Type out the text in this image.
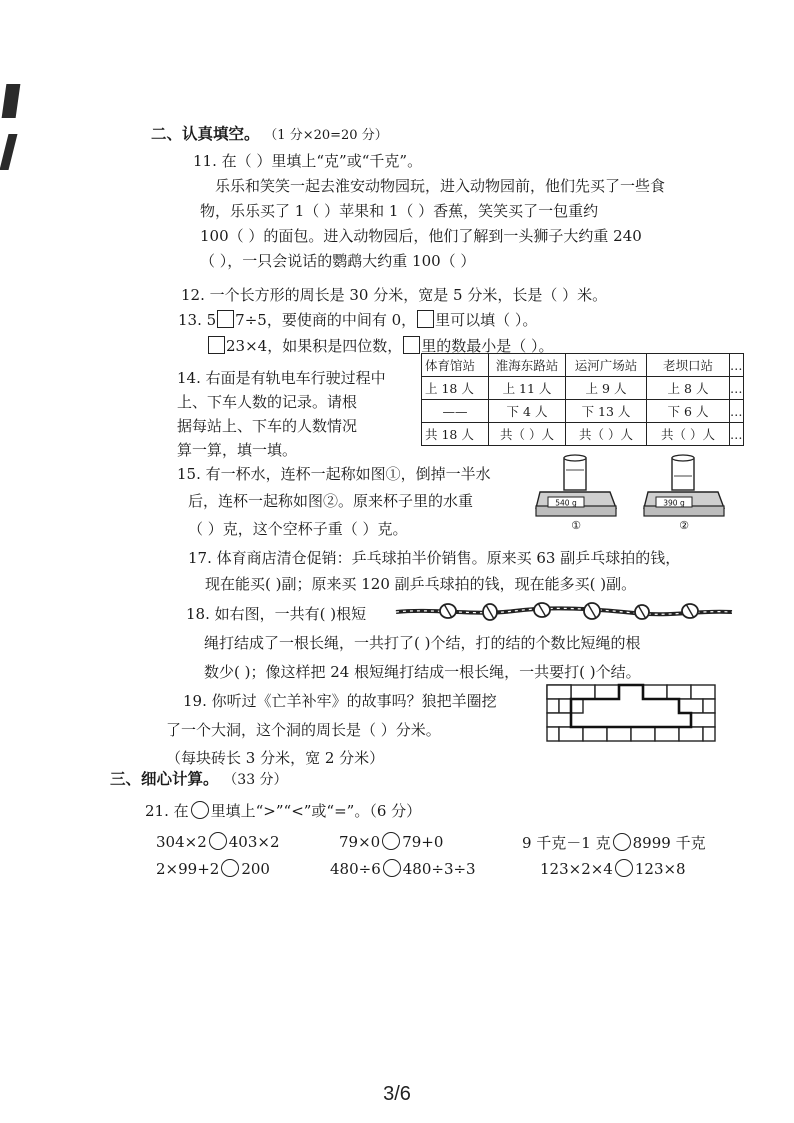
二、认真填空。 （1 分×20=20 分）
11. 在（ ）里填上“克”或“千克”。
乐乐和笑笑一起去淮安动物园玩，进入动物园前，他们先买了一些食
物，乐乐买了 1（ ）苹果和 1（ ）香蕉，笑笑买了一包重约
100（ ）的面包。进入动物园后，他们了解到一头狮子大约重 240
（ ），一只会说话的鹦鹉大约重 100（ ）
12. 一个长方形的周长是 30 分米，宽是 5 分米，长是（ ）米。
13. 5 7÷5，要使商的中间有 0， 里可以填（ ）。
23×4，如果积是四位数， 里的数最小是（ ）。
14. 右面是有轨电车行驶过程中
上、下车人数的记录。请根
据每站上、下车的人数情况
算一算，填一填。
体育馆站	淮海东路站	运河广场站	老坝口站	…
上 18 人	上 11 人	上 9 人	上 8 人	…
——	下 4 人	下 13 人	下 6 人	…
共 18 人	共（ ）人	共（ ）人	共（ ）人	…
15. 有一杯水，连杯一起称如图①，倒掉一半水
后，连杯一起称如图②。原来杯子里的水重
（ ）克，这个空杯子重（ ）克。
540 g
①
390 g
②
17. 体育商店清仓促销：乒乓球拍半价销售。原来买 63 副乒乓球拍的钱，
现在能买( )副；原来买 120 副乒乓球拍的钱，现在能多买( )副。
18. 如右图，一共有( )根短
绳打结成了一根长绳，一共打了( )个结，打的结的个数比短绳的根
数少( )；像这样把 24 根短绳打结成一根长绳，一共要打( )个结。
19. 你听过《亡羊补牢》的故事吗？狼把羊圈挖
了一个大洞，这个洞的周长是（ ）分米。
（每块砖长 3 分米，宽 2 分米）
三、细心计算。 （33 分）
21. 在 里填上“>”“<”或“=”。（6 分）
304×2 403×2	79×0 79+0	9 千克－1 克 8999 千克
2×99+2 200	480÷6 480÷3÷3	123×2×4 123×8
3/6
